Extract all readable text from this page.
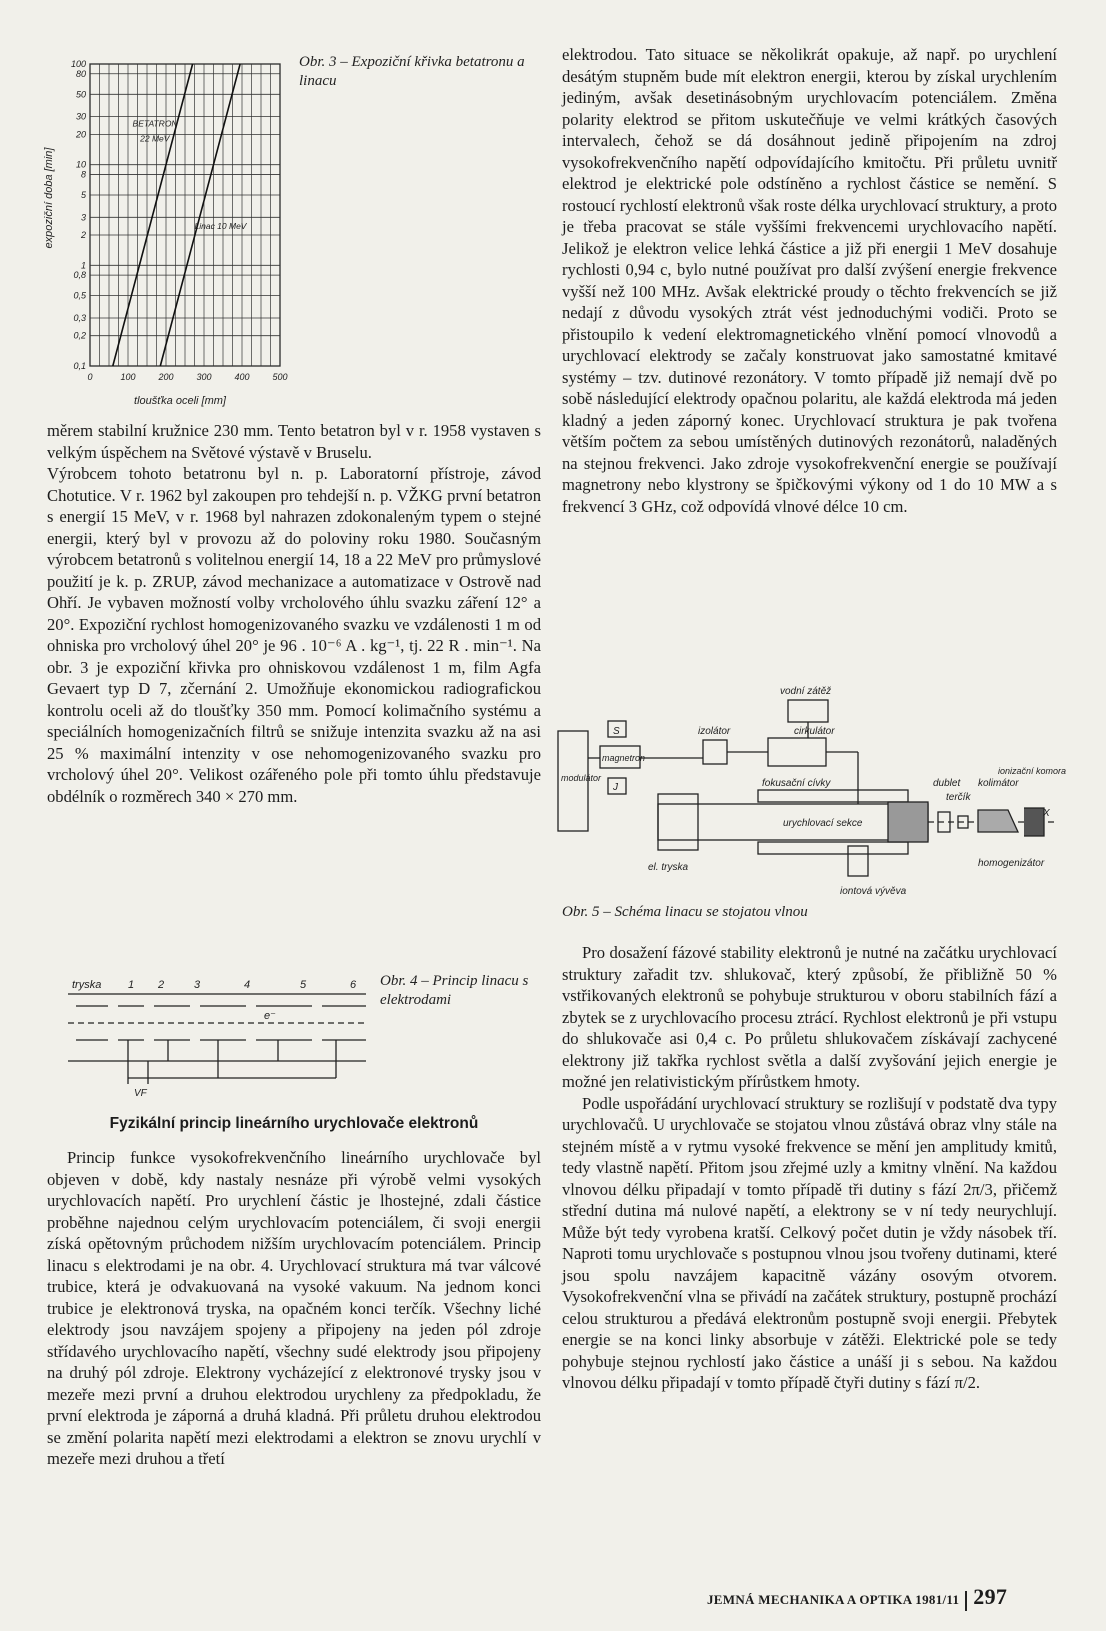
100
80
50
30
20
10
8
5
3
2
1
0,8
0,5
0,3
0,2
0,1
0	100	200	300	400	500
BETATRON
22 MeV
Linac 10 MeV
expoziční doba [min]
tloušťka oceli [mm]
Obr. 3 – Expoziční křivka betatronu a linacu

měrem stabilní kružnice 230 mm. Tento betatron byl v r. 1958 vystaven s velkým úspěchem na Světové výstavě v Bruselu.

Výrobcem tohoto betatronu byl n. p. Laboratorní přístroje, závod Chotutice. V r. 1962 byl zakoupen pro tehdejší n. p. VŽKG první betatron s energií 15 MeV, v r. 1968 byl nahrazen zdokonaleným typem o stejné energii, který byl v provozu až do poloviny roku 1980. Současným výrobcem betatronů s volitelnou energií 14, 18 a 22 MeV pro průmyslové použití je k. p. ZRUP, závod mechanizace a automatizace v Ostrově nad Ohří. Je vybaven možností volby vrcholového úhlu svazku záření 12° a 20°. Expoziční rychlost homogenizovaného svazku ve vzdálenosti 1 m od ohniska pro vrcholový úhel 20° je 96 . 10⁻⁶ A . kg⁻¹, tj. 22 R . min⁻¹. Na obr. 3 je expoziční křivka pro ohniskovou vzdálenost 1 m, film Agfa Gevaert typ D 7, zčernání 2. Umožňuje ekonomickou radiografickou kontrolu oceli až do tloušťky 350 mm. Pomocí kolimačního systému a speciálních homogenizačních filtrů se snižuje intenzita svazku až na asi 25 % maximální intenzity v ose nehomogenizovaného svazku pro vrcholový úhel 20°. Velikost ozářeného pole při tomto úhlu představuje obdélník o rozměrech 340 × 270 mm.

tryska 1 2	3	4	5	6
e⁻
VF
Obr. 4 – Princip linacu s elektrodami
Fyzikální princip lineárního urychlovače elektronů

Princip funkce vysokofrekvenčního lineárního urychlovače byl objeven v době, kdy nastaly nesnáze při výrobě velmi vysokých urychlovacích napětí. Pro urychlení částic je lhostejné, zdali částice proběhne najednou celým urychlovacím potenciálem, či svoji energii získá opětovným průchodem nižším urychlovacím potenciálem. Princip linacu s elektrodami je na obr. 4. Urychlovací struktura má tvar válcové trubice, která je odvakuovaná na vysoké vakuum. Na jednom konci trubice je elektronová tryska, na opačném konci terčík. Všechny liché elektrody jsou navzájem spojeny a připojeny na jeden pól zdroje střídavého urychlovacího napětí, všechny sudé elektrody jsou připojeny na druhý pól zdroje. Elektrony vycházející z elektronové trysky jsou v mezeře mezi první a druhou elektrodou urychleny za předpokladu, že první elektroda je záporná a druhá kladná. Při průletu druhou elektrodou se změní polarita napětí mezi elektrodami a elektron se znovu urychlí v mezeře mezi druhou a třetí

elektrodou. Tato situace se několikrát opakuje, až např. po urychlení desátým stupněm bude mít elektron energii, kterou by získal urychlením jediným, avšak desetinásobným urychlovacím potenciálem. Změna polarity elektrod se přitom uskutečňuje ve velmi krátkých časových intervalech, čehož se dá dosáhnout jedině připojením na zdroj vysokofrekvenčního napětí odpovídajícího kmitočtu. Při průletu uvnitř elektrod je elektrické pole odstíněno a rychlost částice se nemění. S rostoucí rychlostí elektronů však roste délka urychlovací struktury, a proto je třeba pracovat se stále vyššími frekvencemi urychlovacího napětí. Jelikož je elektron velice lehká částice a již při energii 1 MeV dosahuje rychlosti 0,94 c, bylo nutné používat pro další zvýšení energie frekvence vyšší než 100 MHz. Avšak elektrické proudy o těchto frekvencích se již nedají z důvodu vysokých ztrát vést jednoduchými vodiči. Proto se přistoupilo k vedení elektromagnetického vlnění pomocí vlnovodů a urychlovací elektrody se začaly konstruovat jako samostatné kmitavé systémy – tzv. dutinové rezonátory. V tomto případě již nemají dvě po sobě následující elektrody opačnou polaritu, ale každá elektroda má jeden kladný a jeden záporný konec. Urychlovací struktura je pak tvořena větším počtem za sebou umístěných dutinových rezonátorů, naladěných na stejnou frekvenci. Jako zdroje vysokofrekvenční energie se používají magnetrony nebo klystrony se špičkovými výkony od 1 do 10 MW a s frekvencí 3 GHz, což odpovídá vlnové délce 10 cm.

vodní zátěž
izolátor	cirkulátor
modulátor
magnetron
S
J	fokusační cívky	dublet kolimátor
ionizační komora
terčík
urychlovací sekce
X
el. tryska	homogenizátor
iontová vývěva
Obr. 5 – Schéma linacu se stojatou vlnou

Pro dosažení fázové stability elektronů je nutné na začátku urychlovací struktury zařadit tzv. shlukovač, který způsobí, že přibližně 50 % vstřikovaných elektronů se pohybuje strukturou v oboru stabilních fází a zbytek se z urychlovacího procesu ztrácí. Rychlost elektronů je při vstupu do shlukovače asi 0,4 c. Po průletu shlukovačem získávají zachycené elektrony již takřka rychlost světla a další zvyšování jejich energie je možné jen relativistickým přírůstkem hmoty.

Podle uspořádání urychlovací struktury se rozlišují v podstatě dva typy urychlovačů. U urychlovače se stojatou vlnou zůstává obraz vlny stále na stejném místě a v rytmu vysoké frekvence se mění jen amplitudy kmitů, tedy vlastně napětí. Přitom jsou zřejmé uzly a kmitny vlnění. Na každou vlnovou délku připadají v tomto případě tři dutiny s fází 2π/3, přičemž střední dutina má nulové napětí, a elektrony se v ní tedy neurychlují. Může být tedy vyrobena kratší. Celkový počet dutin je vždy násobek tří. Naproti tomu urychlovače s postupnou vlnou jsou tvořeny dutinami, které jsou spolu navzájem kapacitně vázány osovým otvorem. Vysokofrekvenční vlna se přivádí na začátek struktury, postupně prochází celou strukturou a předává elektronům postupně svoji energii. Přebytek energie se na konci linky absorbuje v zátěži. Elektrické pole se tedy pohybuje stejnou rychlostí jako částice a unáší ji s sebou. Na každou vlnovou délku připadají v tomto případě čtyři dutiny s fází π/2.

JEMNÁ MECHANIKA A OPTIKA 1981/11 297
